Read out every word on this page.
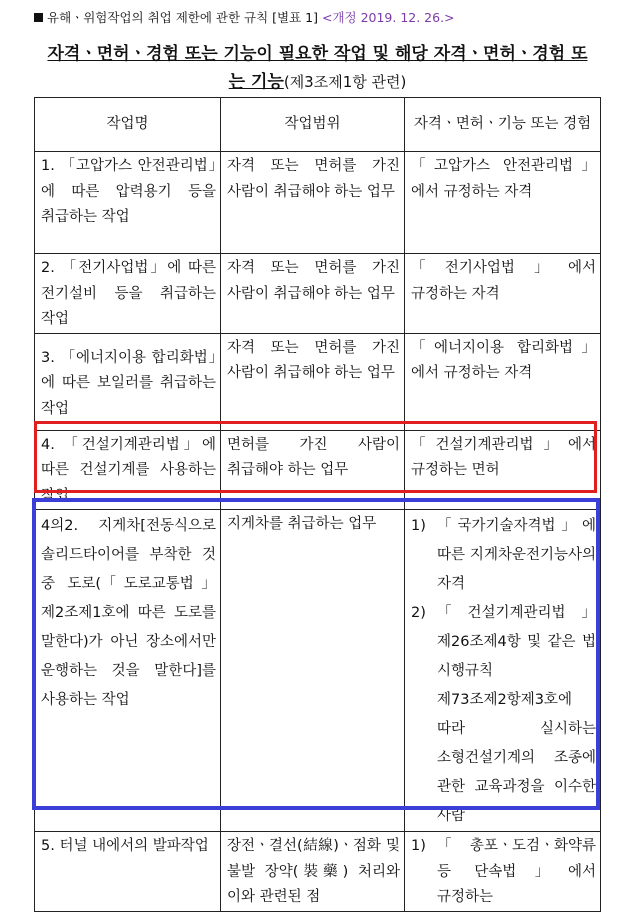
유해ㆍ위험작업의 취업 제한에 관한 규칙 [별표 1] <개정 2019. 12. 26.>
자격ㆍ면허ㆍ경험 또는 기능이 필요한 작업 및 해당 자격ㆍ면허ㆍ경험 또
는 기능(제3조제1항 관련)
작업명	작업범위	자격ㆍ면허ㆍ기능 또는 경험
1. 「고압가스 안전관리법」에 따른 압력용기 등을 취급하는 작업	자격 또는 면허를 가진 사람이 취급해야 하는 업무	「고압가스 안전관리법」에서 규정하는 자격
2. 「전기사업법」에 따른 전기설비 등을 취급하는 작업	자격 또는 면허를 가진 사람이 취급해야 하는 업무	「전기사업법」에서 규정하는 자격
3. 「에너지이용 합리화법」에 따른 보일러를 취급하는 작업	자격 또는 면허를 가진 사람이 취급해야 하는 업무	「에너지이용 합리화법」에서 규정하는 자격
4. 「건설기계관리법」에 따른 건설기계를 사용하는 작업	면허를 가진 사람이 취급해야 하는 업무	「건설기계관리법」에서 규정하는 면허
4의2. 지게차[전동식으로 솔리드타이어를 부착한 것 중 도로(「도로교통법」 제2조제1호에 따른 도로를 말한다)가 아닌 장소에서만 운행하는 것을 말한다]를 사용하는 작업	지게차를 취급하는 업무	1) 「국가기술자격법」에 따른 지게차운전기능사의 자격
2) 「건설기계관리법」 제26조제4항 및 같은 법 시행규칙 제73조제2항제3호에 따라 실시하는 소형건설기계의 조종에 관한 교육과정을 이수한 사람

5. 터널 내에서의 발파작업	장전ㆍ결선(結線)ㆍ점화 및 불발 장약(裝藥) 처리와 이와 관련된 점	1) 「총포ㆍ도검ㆍ화약류 등 단속법」에서 규정하는
